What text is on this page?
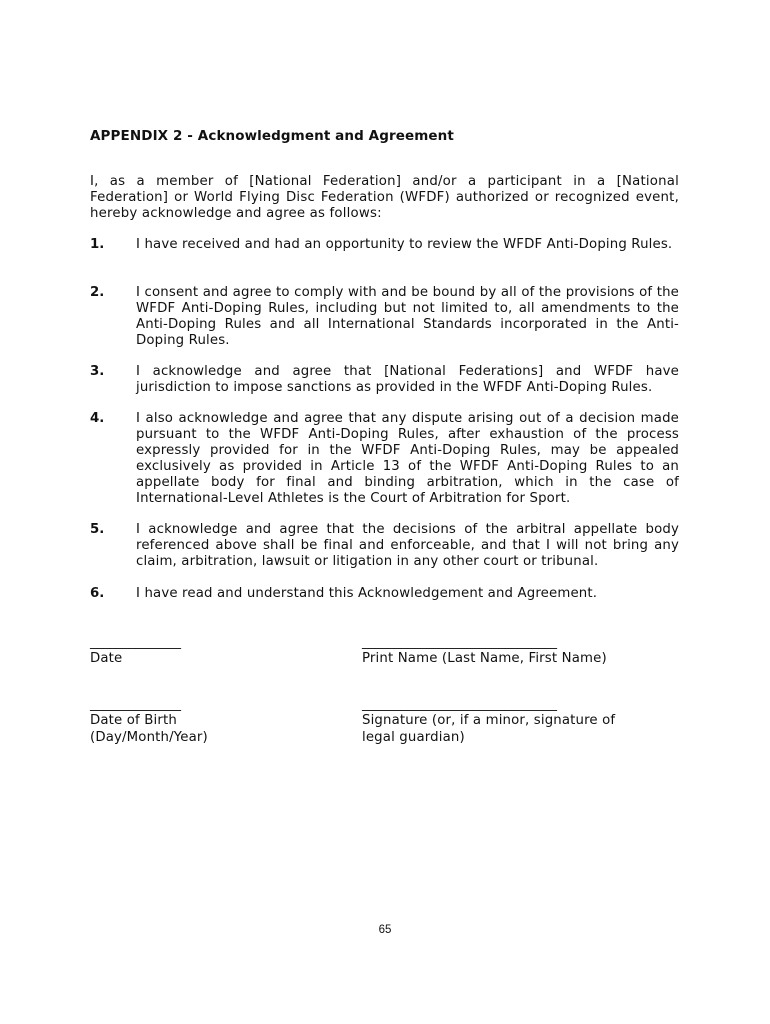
APPENDIX 2 - Acknowledgment and Agreement
I, as a member of [National Federation] and/or a participant in a [National Federation] or World Flying Disc Federation (WFDF) authorized or recognized event, hereby acknowledge and agree as follows:
1.	I have received and had an opportunity to review the WFDF Anti-Doping Rules.
2.	I consent and agree to comply with and be bound by all of the provisions of the WFDF Anti-Doping Rules, including but not limited to, all amendments to the Anti-Doping Rules and all International Standards incorporated in the Anti-Doping Rules.
3.	I acknowledge and agree that [National Federations] and WFDF have jurisdiction to impose sanctions as provided in the WFDF Anti-Doping Rules.
4.	I also acknowledge and agree that any dispute arising out of a decision made pursuant to the WFDF Anti-Doping Rules, after exhaustion of the process expressly provided for in the WFDF Anti-Doping Rules, may be appealed exclusively as provided in Article 13 of the WFDF Anti-Doping Rules to an appellate body for final and binding arbitration, which in the case of International-Level Athletes is the Court of Arbitration for Sport.
5.	I acknowledge and agree that the decisions of the arbitral appellate body referenced above shall be final and enforceable, and that I will not bring any claim, arbitration, lawsuit or litigation in any other court or tribunal.
6.	I have read and understand this Acknowledgement and Agreement.
______________
Date
______________________________
Print Name (Last Name, First Name)
______________
Date of Birth
(Day/Month/Year)
______________________________
Signature (or, if a minor, signature of
legal guardian)
65
